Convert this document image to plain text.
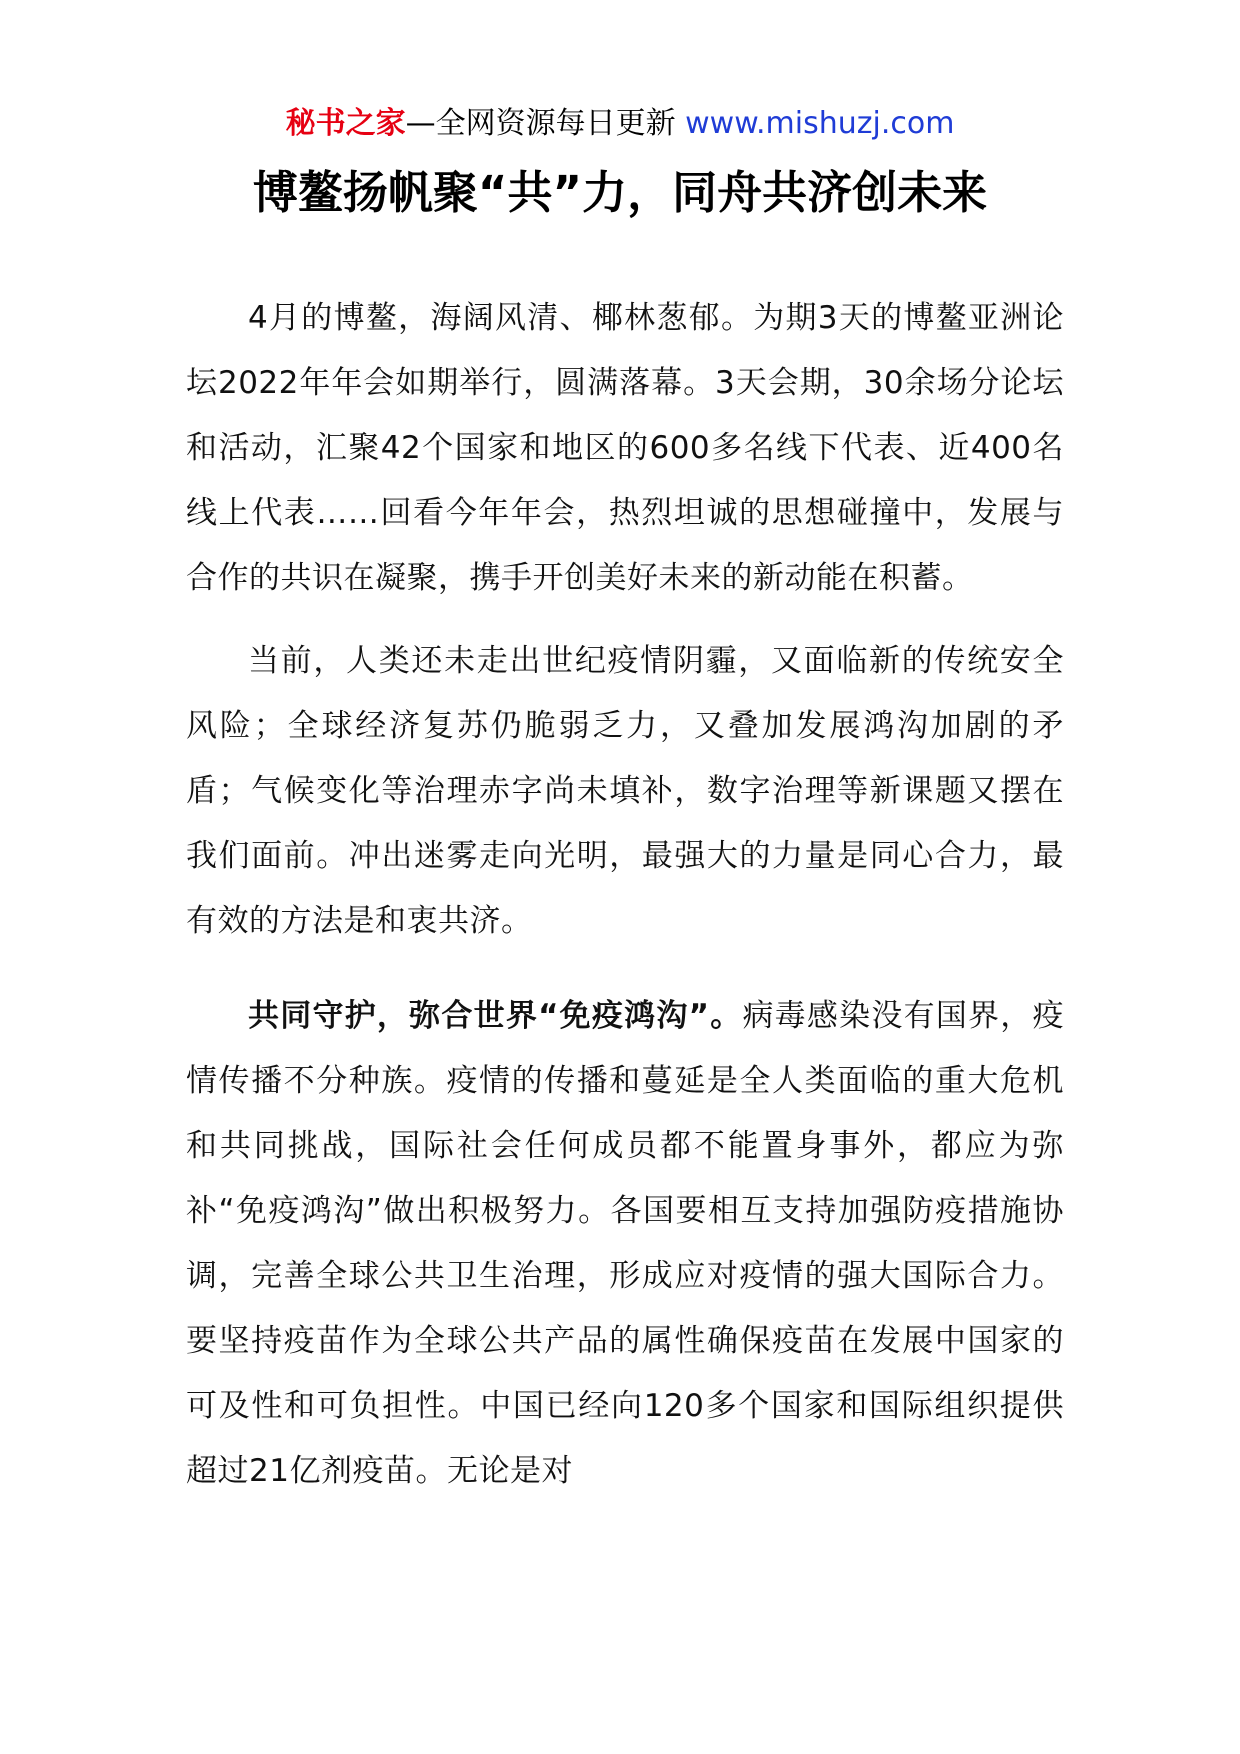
秘书之家—全网资源每日更新 www.mishuzj.com
博鳌扬帆聚“共”力，同舟共济创未来

4月的博鳌，海阔风清、椰林葱郁。为期3天的博鳌亚洲论坛2022年年会如期举行，圆满落幕。3天会期，30余场分论坛和活动，汇聚42个国家和地区的600多名线下代表、近400名线上代表……回看今年年会，热烈坦诚的思想碰撞中，发展与合作的共识在凝聚，携手开创美好未来的新动能在积蓄。

当前，人类还未走出世纪疫情阴霾，又面临新的传统安全风险；全球经济复苏仍脆弱乏力，又叠加发展鸿沟加剧的矛盾；气候变化等治理赤字尚未填补，数字治理等新课题又摆在我们面前。冲出迷雾走向光明，最强大的力量是同心合力，最有效的方法是和衷共济。

共同守护，弥合世界“免疫鸿沟”。病毒感染没有国界，疫情传播不分种族。疫情的传播和蔓延是全人类面临的重大危机和共同挑战，国际社会任何成员都不能置身事外，都应为弥补“免疫鸿沟”做出积极努力。各国要相互支持加强防疫措施协调，完善全球公共卫生治理，形成应对疫情的强大国际合力。要坚持疫苗作为全球公共产品的属性确保疫苗在发展中国家的可及性和可负担性。中国已经向120多个国家和国际组织提供超过21亿剂疫苗。无论是对
